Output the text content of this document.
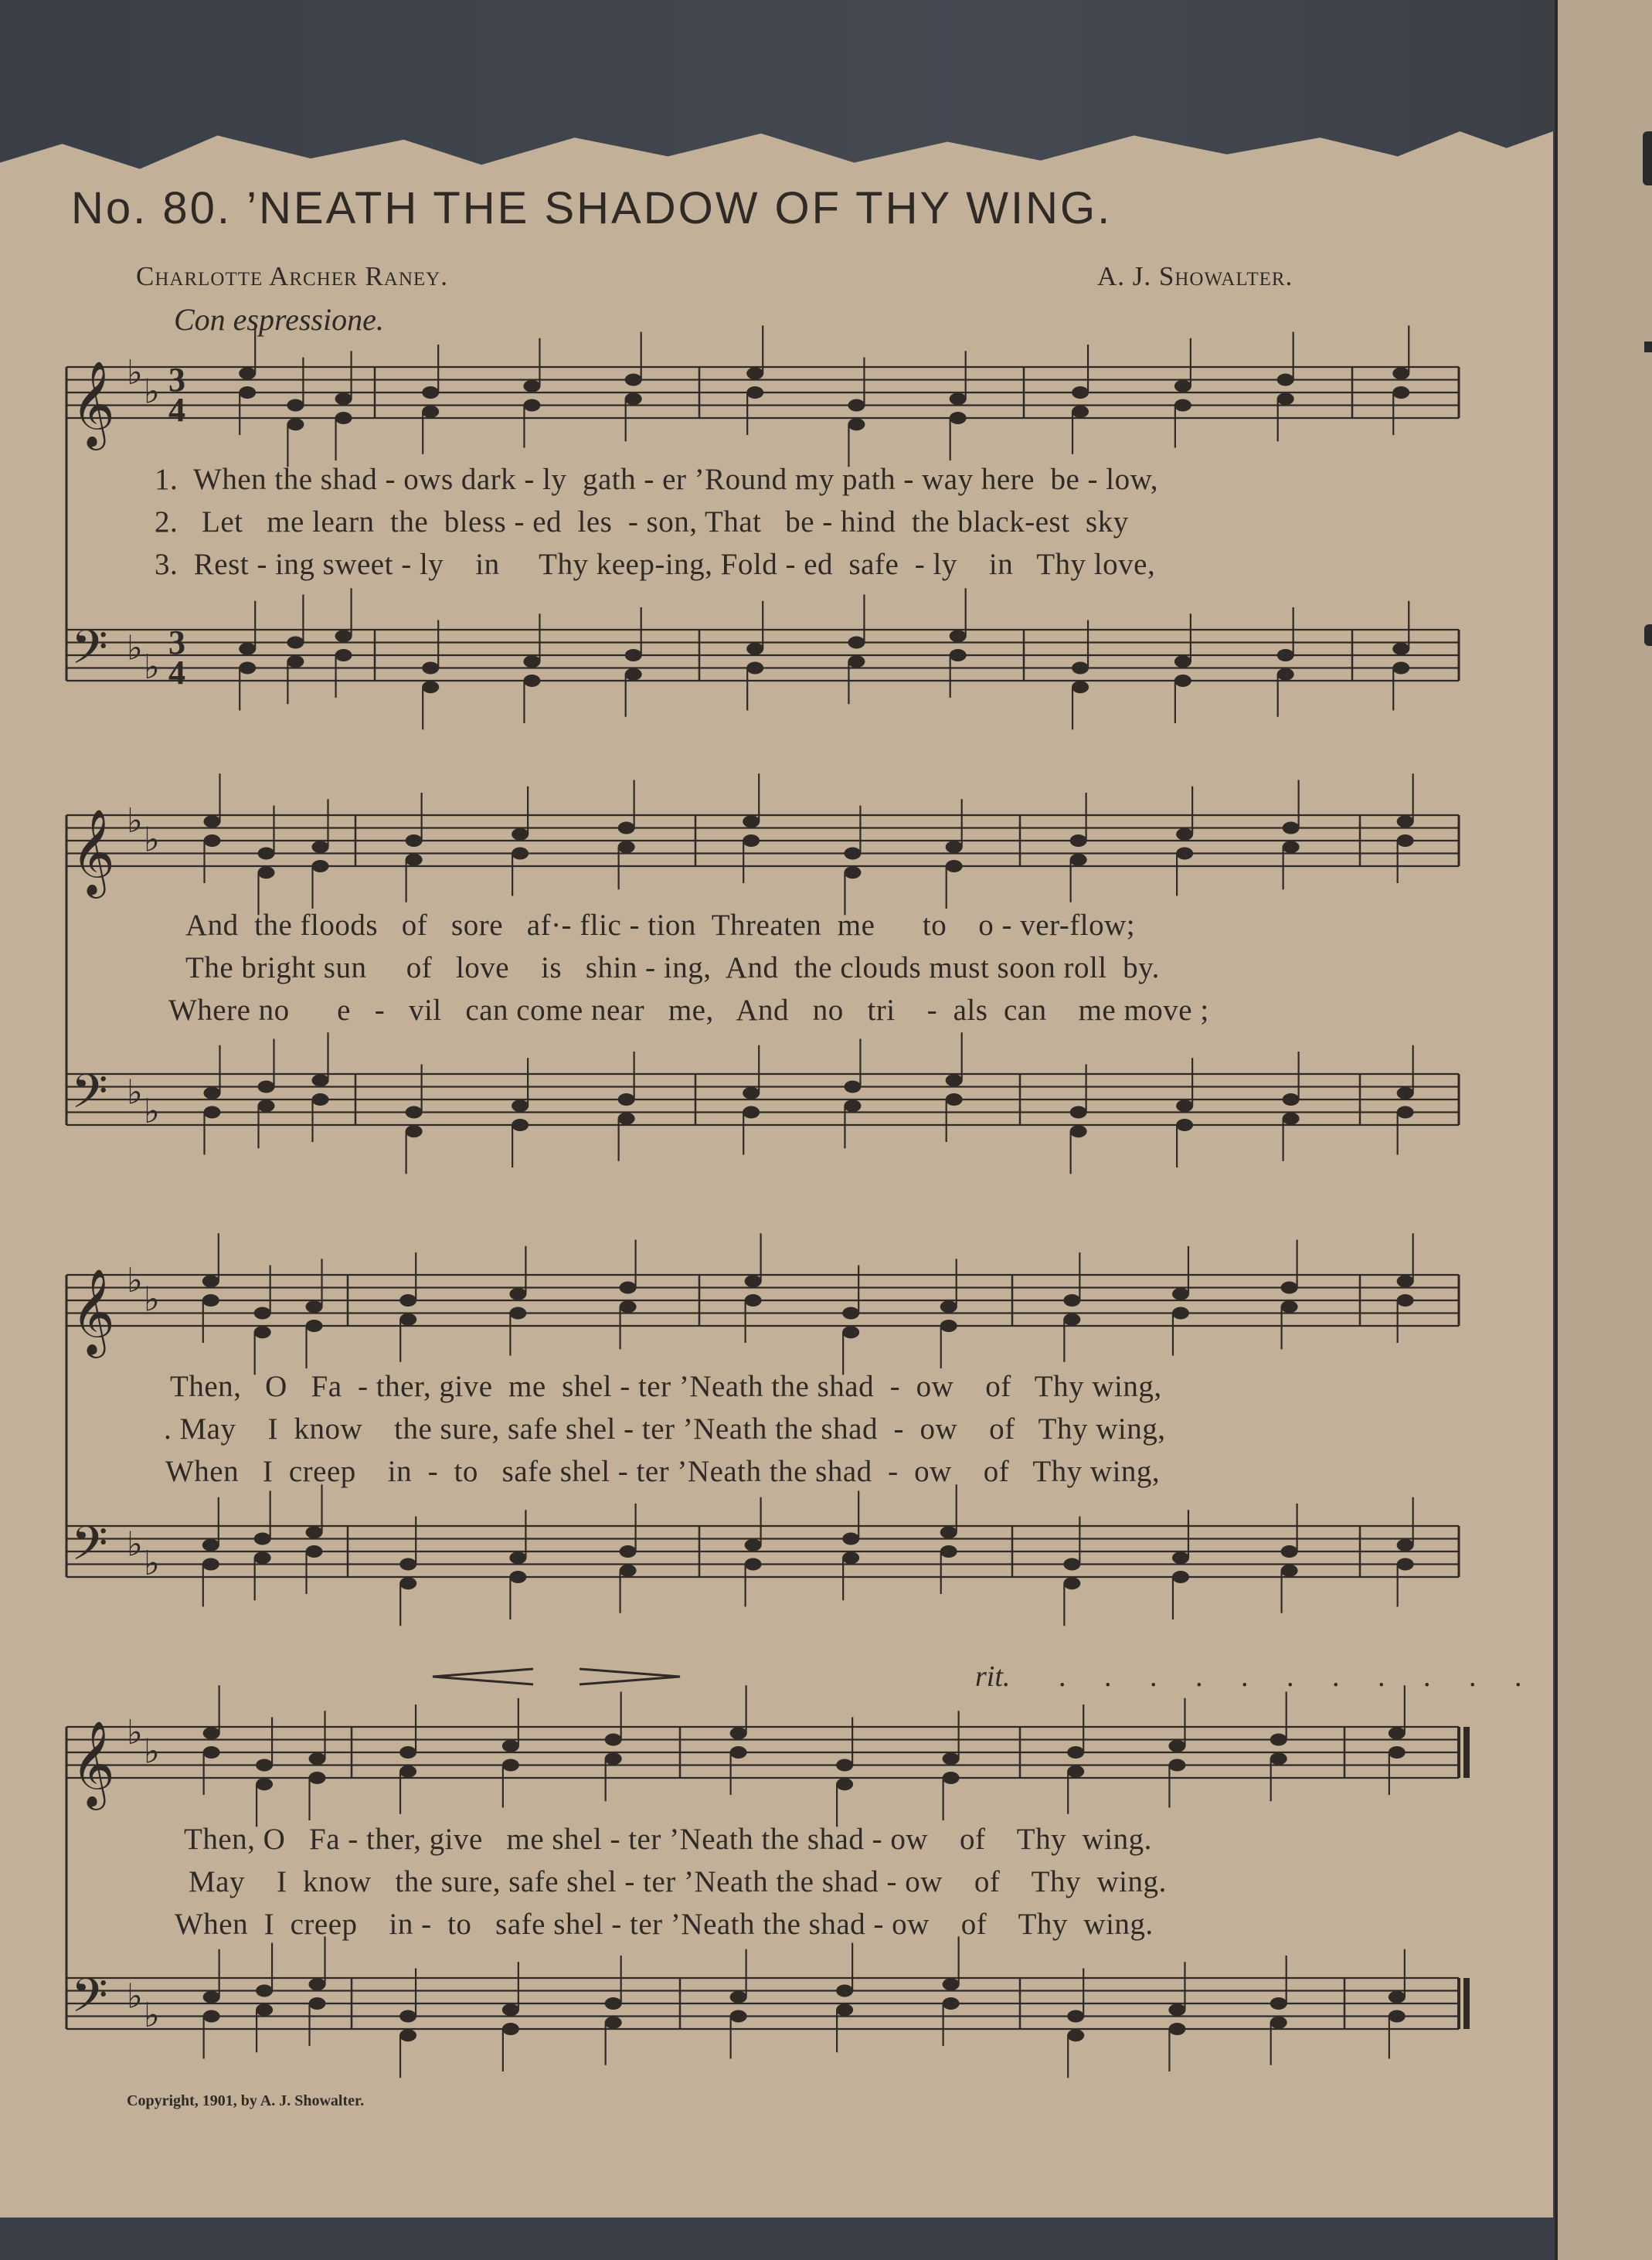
No. 80. ’NEATH THE SHADOW OF THY WING.
Charlotte Archer Raney.	A. J. Showalter.
Con espressione.
𝄞 ♭
♭ 3
4
𝄢 ♭
♭
3
4
𝄞 ♭
♭
𝄢 ♭
♭
𝄞 ♭
♭
𝄢 ♭
♭
𝄞 ♭
♭
𝄢 ♭
♭
rit. . . . . . . . . . . .
1.  When the shad - ows dark - ly  gath - er ’Round my path - way here  be - low,
2.   Let   me learn  the  bless - ed  les  - son, That   be - hind  the black-est  sky
3.  Rest - ing sweet - ly    in     Thy keep-ing, Fold - ed  safe  - ly    in   Thy love,
And  the floods   of   sore   af·- flic - tion  Threaten  me      to    o - ver-flow;
The bright sun     of   love    is   shin - ing,  And  the clouds must soon roll  by.
Where no      e   -   vil   can come near   me,   And   no   tri    -  als  can    me move ;
Then,   O   Fa  - ther, give  me  shel - ter ’Neath the shad  -  ow    of   Thy wing,
. May    I  know    the sure, safe shel - ter ’Neath the shad  -  ow    of   Thy wing,
When   I  creep    in  -  to   safe shel - ter ’Neath the shad  -  ow    of   Thy wing,
Then, O   Fa - ther, give   me shel - ter ’Neath the shad - ow    of    Thy  wing.
May    I  know   the sure, safe shel - ter ’Neath the shad - ow    of    Thy  wing.
When  I  creep    in -  to   safe shel - ter ’Neath the shad - ow    of    Thy  wing.
Copyright, 1901, by A. J. Showalter.
